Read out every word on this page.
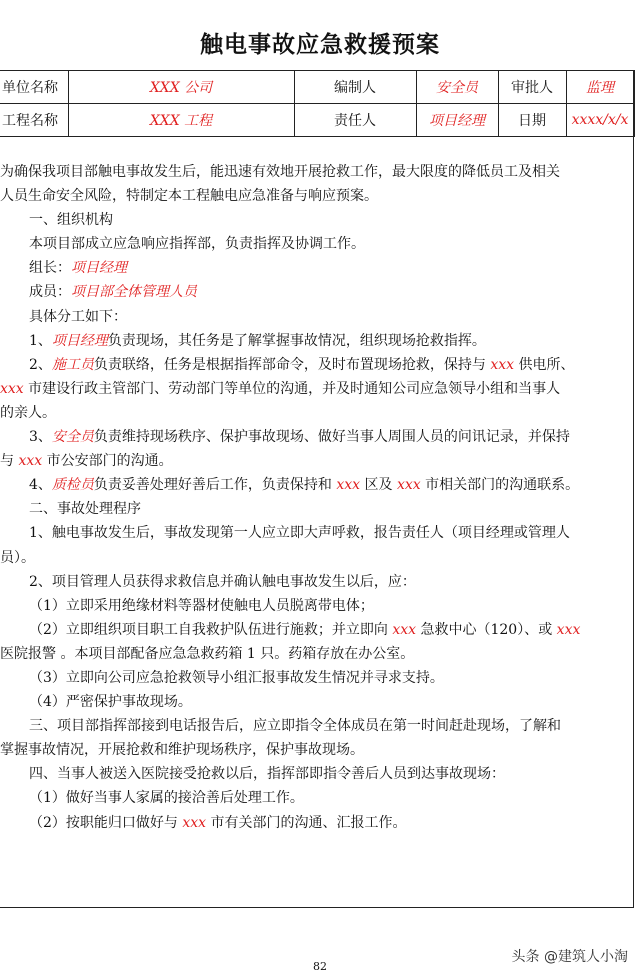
触电事故应急救援预案
单位名称	XXX 公司	编制人	安全员	审批人	监理
工程名称	XXX 工程	责任人	项目经理	日期	xxxx/x/x

为确保我项目部触电事故发生后，能迅速有效地开展抢救工作，最大限度的降低员工及相关

人员生命安全风险，特制定本工程触电应急准备与响应预案。

一、组织机构

本项目部成立应急响应指挥部，负责指挥及协调工作。

组长：项目经理

成员：项目部全体管理人员

具体分工如下：

1、项目经理负责现场，其任务是了解掌握事故情况，组织现场抢救指挥。

2、施工员负责联络，任务是根据指挥部命令，及时布置现场抢救，保持与 xxx 供电所、

xxx 市建设行政主管部门、劳动部门等单位的沟通，并及时通知公司应急领导小组和当事人

的亲人。

3、安全员负责维持现场秩序、保护事故现场、做好当事人周围人员的问讯记录，并保持

与 xxx 市公安部门的沟通。

4、质检员负责妥善处理好善后工作，负责保持和 xxx 区及 xxx 市相关部门的沟通联系。

二、事故处理程序

1、触电事故发生后，事故发现第一人应立即大声呼救，报告责任人（项目经理或管理人

员）。

2、项目管理人员获得求救信息并确认触电事故发生以后，应：

（1）立即采用绝缘材料等器材使触电人员脱离带电体；

（2）立即组织项目职工自我救护队伍进行施救；并立即向 xxx 急救中心（120）、或 xxx

医院报警 。本项目部配备应急急救药箱 1 只。药箱存放在办公室。

（3）立即向公司应急抢救领导小组汇报事故发生情况并寻求支持。

（4）严密保护事故现场。

三、项目部指挥部接到电话报告后，应立即指令全体成员在第一时间赶赴现场，了解和

掌握事故情况，开展抢救和维护现场秩序，保护事故现场。

四、当事人被送入医院接受抢救以后，指挥部即指令善后人员到达事故现场：

（1）做好当事人家属的接洽善后处理工作。

（2）按职能归口做好与 xxx 市有关部门的沟通、汇报工作。

82
头条 @建筑人小淘
